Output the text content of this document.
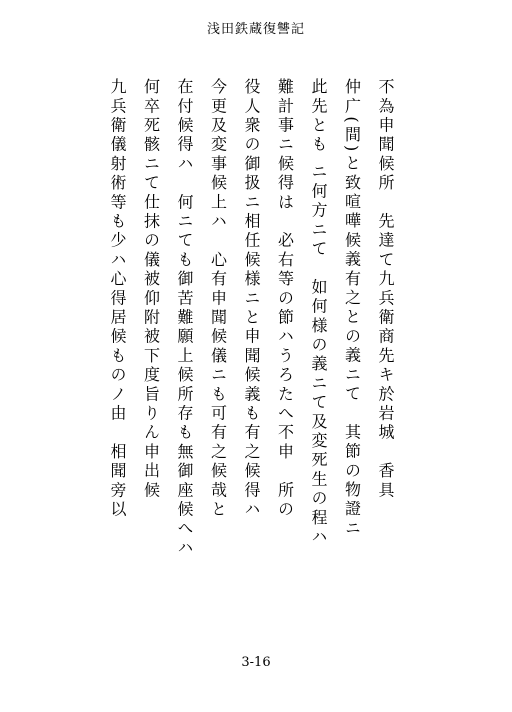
浅田鉄蔵復讐記
不為申聞候所　先達て九兵衛商先キ於岩城　香具
仲广(間)と致喧嘩候義有之との義ニて　其節の物證ニ
此先とも ニ何方ニて　如何様の義ニて及変死生の程ハ
難計事ニ候得は　必右等の節ハうろたへ不申　所の
役人衆の御扱ニ相任候様ニと申聞候義も有之候得ハ
今更及変事候上ハ　心有申聞候儀ニも可有之候哉と
在付候得ハ　何ニても御苦難願上候所存も無御座候へハ
何卒死骸ニて仕抹の儀被仰附被下度旨りん申出候
九兵衛儀射術等も少ハ心得居候ものノ由　相聞旁以
3-16
